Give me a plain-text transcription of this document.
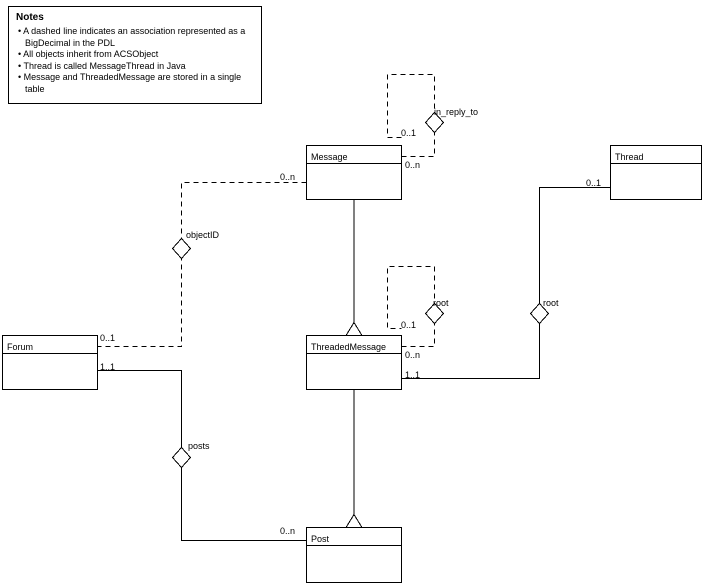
Notes
• A dashed line indicates an association represented as a BigDecimal in the PDL
• All objects inherit from ACSObject
• Thread is called MessageThread in Java
• Message and ThreadedMessage are stored in a single table
Message	Thread
Forum	ThreadedMessage
Post
in_reply_to
objectID
root	root
posts
0..1
0..n
0..n
0..1
0..1
0..n
0..1
1..1
1..1
0..n
